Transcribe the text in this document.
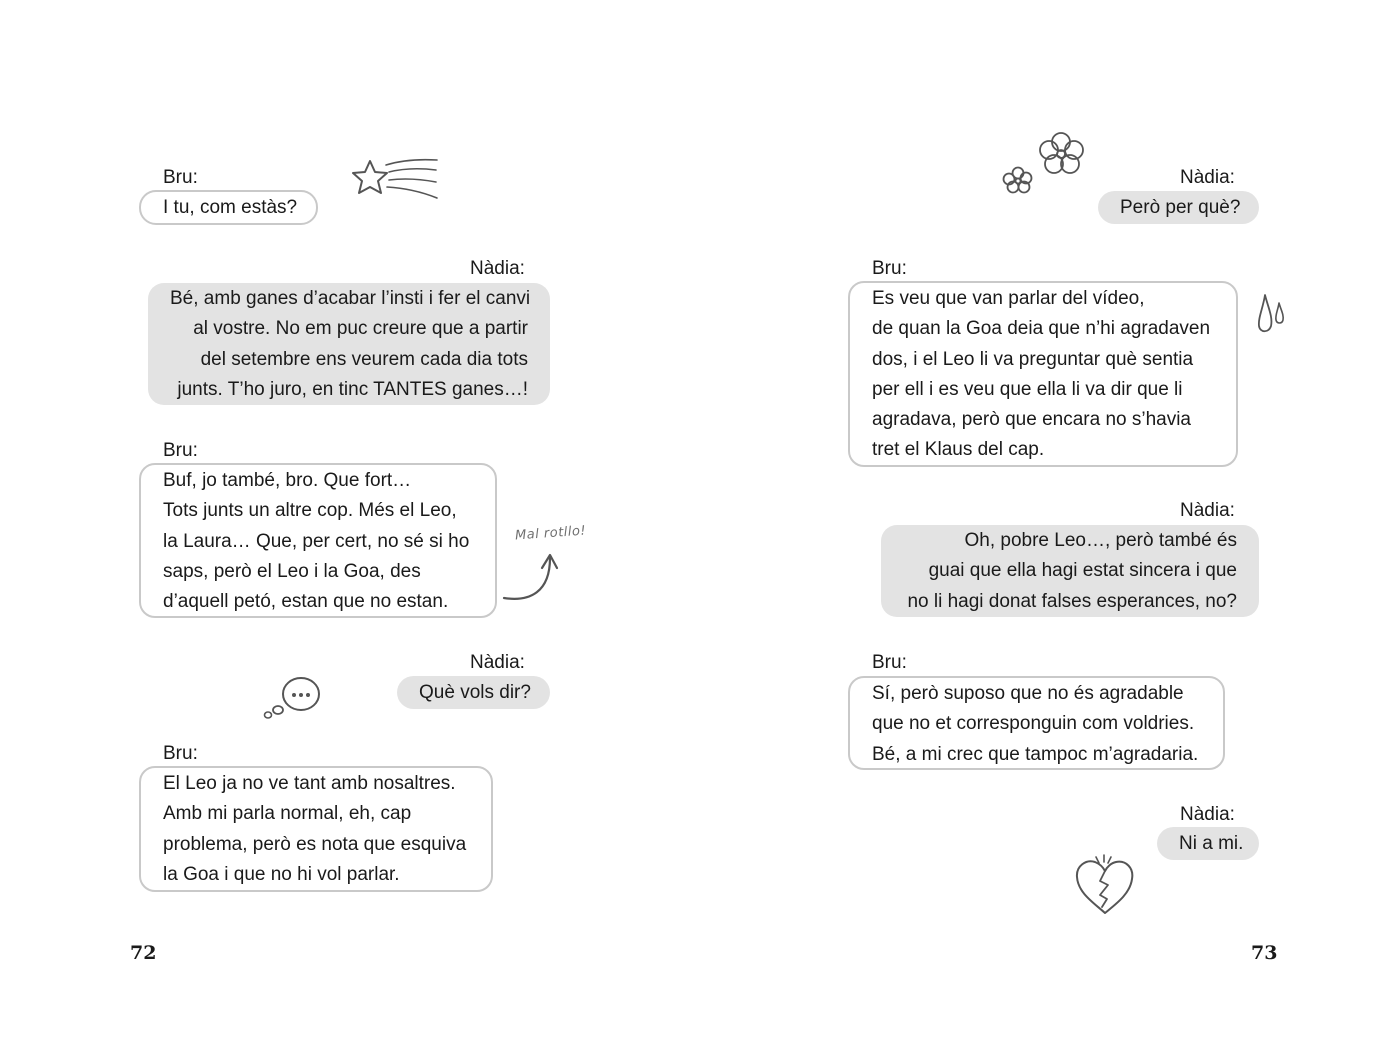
Bru:
I tu, com estàs?
Nàdia:
Bé, amb ganes d’acabar l’insti i fer el canvi
al vostre. No em puc creure que a partir
del setembre ens veurem cada dia tots
junts. T’ho juro, en tinc TANTES ganes…!
Bru:
Buf, jo també, bro. Que fort…
Tots junts un altre cop. Més el Leo,
la Laura… Que, per cert, no sé si ho
saps, però el Leo i la Goa, des
d’aquell petó, estan que no estan.
Mal rotllo!
Nàdia:
Què vols dir?
Bru:
El Leo ja no ve tant amb nosaltres.
Amb mi parla normal, eh, cap
problema, però es nota que esquiva
la Goa i que no hi vol parlar.
72
Nàdia:
Però per què?
Bru:
Es veu que van parlar del vídeo,
de quan la Goa deia que n’hi agradaven
dos, i el Leo li va preguntar què sentia
per ell i es veu que ella li va dir que li
agradava, però que encara no s’havia
tret el Klaus del cap.
Nàdia:
Oh, pobre Leo…, però també és
guai que ella hagi estat sincera i que
no li hagi donat falses esperances, no?
Bru:
Sí, però suposo que no és agradable
que no et corresponguin com voldries.
Bé, a mi crec que tampoc m’agradaria.
Nàdia:
Ni a mi.
73
